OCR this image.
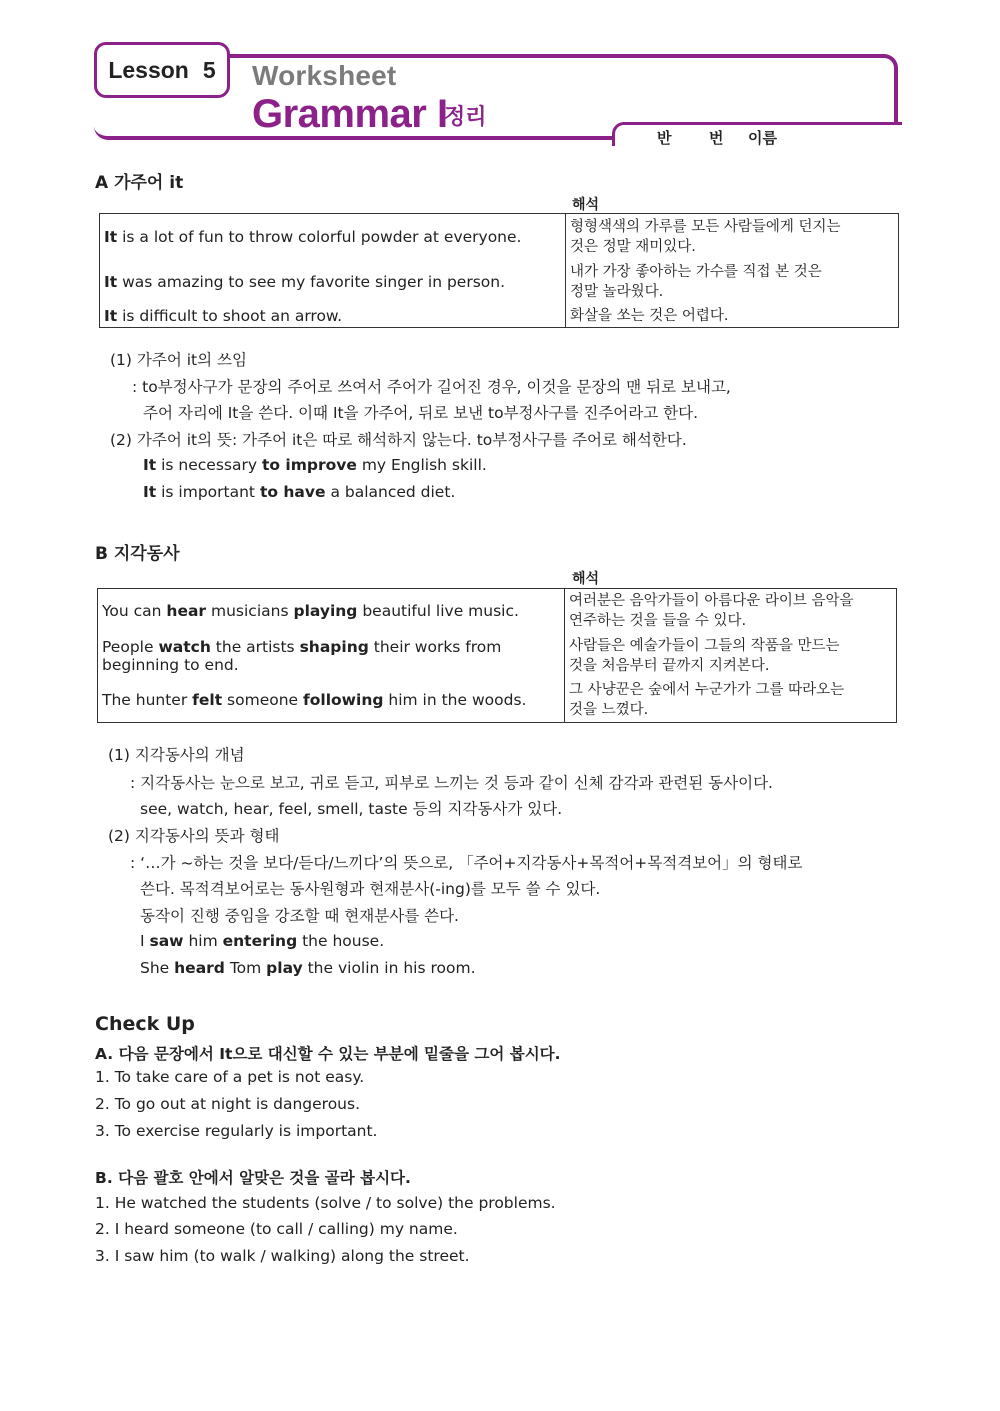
Lesson 5 Worksheet
Grammar I
정리
반	번 이름
A 가주어 it
해석
It is a lot of fun to throw colorful powder at everyone.
형형색색의 가루를 모든 사람들에게 던지는
것은 정말 재미있다.
It was amazing to see my favorite singer in person.
내가 가장 좋아하는 가수를 직접 본 것은
정말 놀라웠다.
It is difficult to shoot an arrow.	화살을 쏘는 것은 어렵다.
(1) 가주어 it의 쓰임
: to부정사구가 문장의 주어로 쓰여서 주어가 길어진 경우, 이것을 문장의 맨 뒤로 보내고,
주어 자리에 It을 쓴다. 이때 It을 가주어, 뒤로 보낸 to부정사구를 진주어라고 한다.
(2) 가주어 it의 뜻: 가주어 it은 따로 해석하지 않는다. to부정사구를 주어로 해석한다.
It is necessary to improve my English skill.
It is important to have a balanced diet.
B 지각동사
해석
You can hear musicians playing beautiful live music.
여러분은 음악가들이 아름다운 라이브 음악을
연주하는 것을 들을 수 있다.
People watch the artists shaping their works from
beginning to end.
사람들은 예술가들이 그들의 작품을 만드는
것을 처음부터 끝까지 지켜본다.
The hunter felt someone following him in the woods.
그 사냥꾼은 숲에서 누군가가 그를 따라오는
것을 느꼈다.
(1) 지각동사의 개념
: 지각동사는 눈으로 보고, 귀로 듣고, 피부로 느끼는 것 등과 같이 신체 감각과 관련된 동사이다.
see, watch, hear, feel, smell, taste 등의 지각동사가 있다.
(2) 지각동사의 뜻과 형태
: ‘…가 ~하는 것을 보다/듣다/느끼다’의 뜻으로, 「주어+지각동사+목적어+목적격보어」의 형태로
쓴다. 목적격보어로는 동사원형과 현재분사(-ing)를 모두 쓸 수 있다.
동작이 진행 중임을 강조할 때 현재분사를 쓴다.
I saw him entering the house.
She heard Tom play the violin in his room.
Check Up
A. 다음 문장에서 It으로 대신할 수 있는 부분에 밑줄을 그어 봅시다.
1. To take care of a pet is not easy.
2. To go out at night is dangerous.
3. To exercise regularly is important.
B. 다음 괄호 안에서 알맞은 것을 골라 봅시다.
1. He watched the students (solve / to solve) the problems.
2. I heard someone (to call / calling) my name.
3. I saw him (to walk / walking) along the street.
